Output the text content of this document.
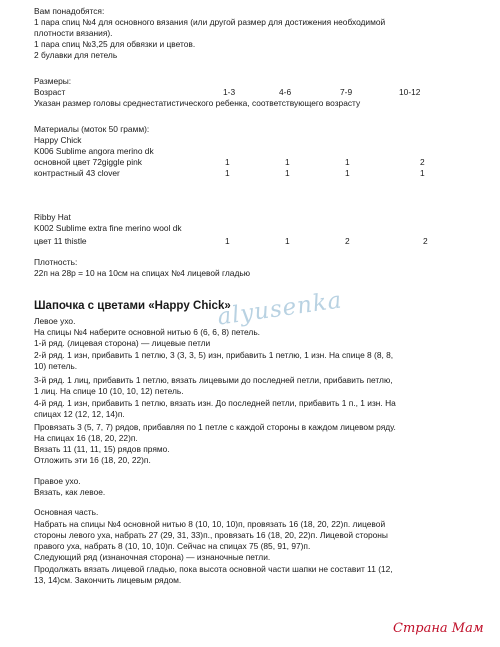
Вам понадобятся:
1 пара спиц №4 для основного вязания (или другой размер для достижения необходимой
плотности вязания).
1 пара спиц №3,25 для обвязки и цветов.
2 булавки для петель
Размеры:
Возраст	1-3	4-6	7-9	10-12
Указан размер головы среднестатистического ребенка, соответствующего возрасту
Материалы (моток 50 грамм):
Happy Chick
K006 Sublime angora merino dk
основной цвет 72giggle pink	1	1	1	2
контрастный 43 clover	1	1	1	1
Ribby Hat
K002 Sublime extra fine merino wool dk
цвет 11 thistle	1	1	2	2
Плотность:
22п на 28р = 10 на 10см на спицах №4 лицевой гладью
Шапочка с цветами «Happy Chick»
Левое ухо.
На спицы №4 наберите основной нитью 6 (6, 6, 8) петель.
1-й ряд. (лицевая сторона) — лицевые петли
2-й ряд. 1 изн, прибавить 1 петлю, 3 (3, 3, 5) изн, прибавить 1 петлю, 1 изн. На спице 8 (8, 8,
10) петель.
3-й ряд. 1 лиц, прибавить 1 петлю, вязать лицевыми до последней петли, прибавить петлю,
1 лиц. На спице 10 (10, 10, 12) петель.
4-й ряд. 1 изн, прибавить 1 петлю, вязать изн. До последней петли, прибавить 1 п., 1 изн. На
спицах 12 (12, 12, 14)п.
Провязать 3 (5, 7, 7) рядов, прибавляя по 1 петле с каждой стороны в каждом лицевом ряду.
На спицах 16 (18, 20, 22)п.
Вязать 11 (11, 11, 15) рядов прямо.
Отложить эти 16 (18, 20, 22)п.
Правое ухо.
Вязать, как левое.
Основная часть.
Набрать на спицы №4 основной нитью 8 (10, 10, 10)п, провязать 16 (18, 20, 22)п. лицевой
стороны левого уха, набрать 27 (29, 31, 33)п., провязать 16 (18, 20, 22)п. Лицевой стороны
правого уха, набрать 8 (10, 10, 10)п. Сейчас на спицах 75 (85, 91, 97)п.
Следующий ряд (изнаночная сторона) — изнаночные петли.
Продолжать вязать лицевой гладью, пока высота основной части шапки не составит 11 (12,
13, 14)см. Закончить лицевым рядом.
alyusenka
Страна Мам
